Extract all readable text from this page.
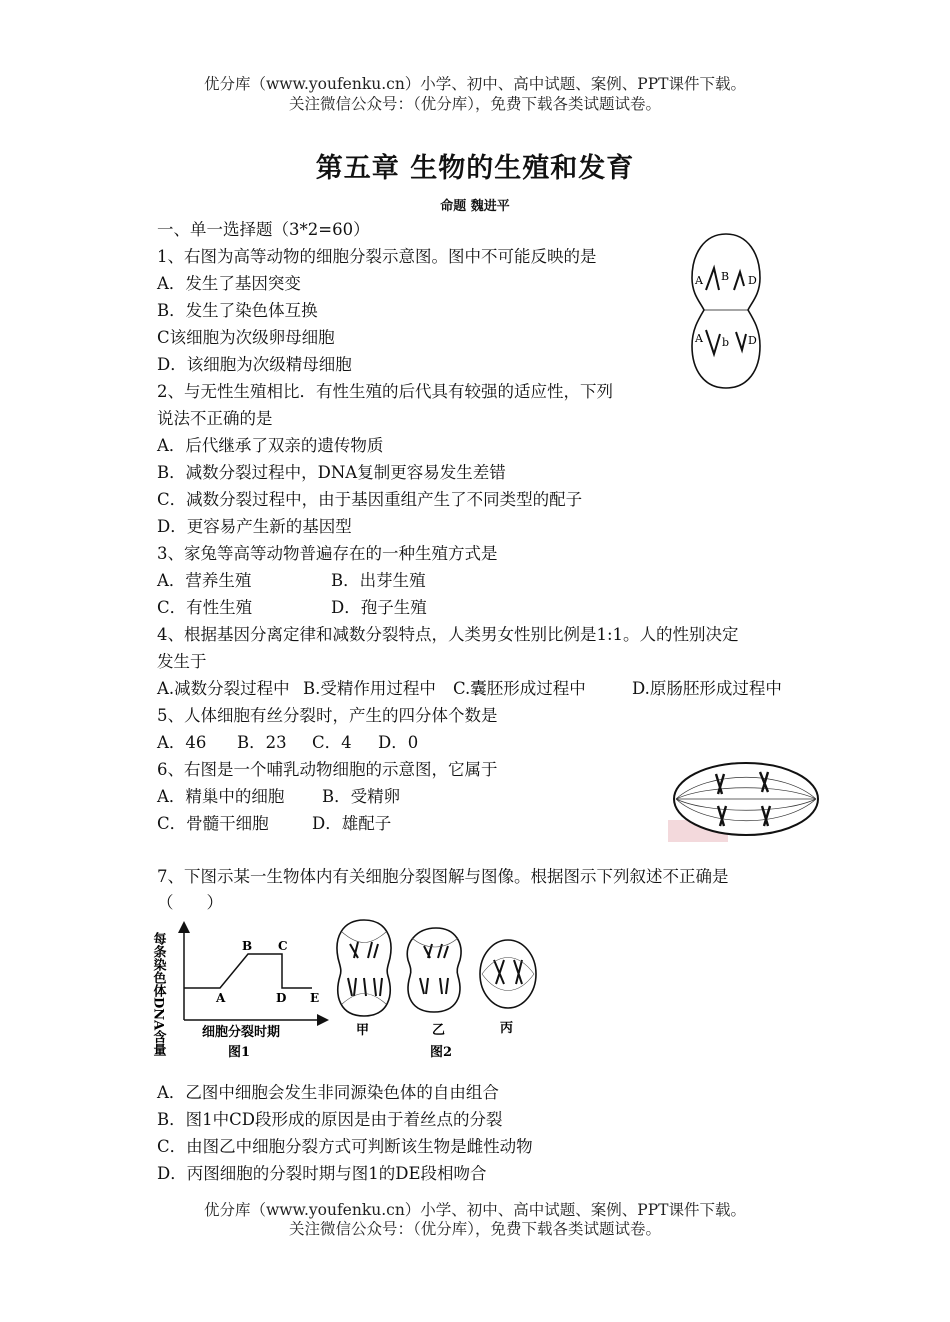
优分库（www.youfenku.cn）小学、初中、高中试题、案例、PPT课件下载。
关注微信公众号：（优分库），免费下载各类试题试卷。
第五章 生物的生殖和发育
命题 魏进平
一、单一选择题（3*2=60）
1、右图为高等动物的细胞分裂示意图。图中不可能反映的是
A．发生了基因突变
B．发生了染色体互换
C该细胞为次级卵母细胞
D．该细胞为次级精母细胞
A B D
A b D
2、与无性生殖相比．有性生殖的后代具有较强的适应性，下列
说法不正确的是
A．后代继承了双亲的遗传物质
B．减数分裂过程中，DNA复制更容易发生差错
C．减数分裂过程中，由于基因重组产生了不同类型的配子
D．更容易产生新的基因型
3、家兔等高等动物普遍存在的一种生殖方式是
A．营养生殖	B．出芽生殖
C．有性生殖	D．孢子生殖
4、根据基因分离定律和减数分裂特点，人类男女性别比例是1:1。人的性别决定
发生于
A.减数分裂过程中 B.受精作用过程中 C.囊胚形成过程中	D.原肠胚形成过程中
5、人体细胞有丝分裂时，产生的四分体个数是
A．46 B．23 C．4 D．0
6、右图是一个哺乳动物细胞的示意图，它属于
A．精巢中的细胞 B．受精卵
C．骨髓干细胞	D．雄配子
7、下图示某一生物体内有关细胞分裂图解与图像。根据图示下列叙述不正确是
（　　）
每条染色体DNA含量	A
B C
D E
细胞分裂时期
图1
甲	乙	丙
图2
A．乙图中细胞会发生非同源染色体的自由组合
B．图1中CD段形成的原因是由于着丝点的分裂
C．由图乙中细胞分裂方式可判断该生物是雌性动物
D．丙图细胞的分裂时期与图1的DE段相吻合
优分库（www.youfenku.cn）小学、初中、高中试题、案例、PPT课件下载。
关注微信公众号：（优分库），免费下载各类试题试卷。
